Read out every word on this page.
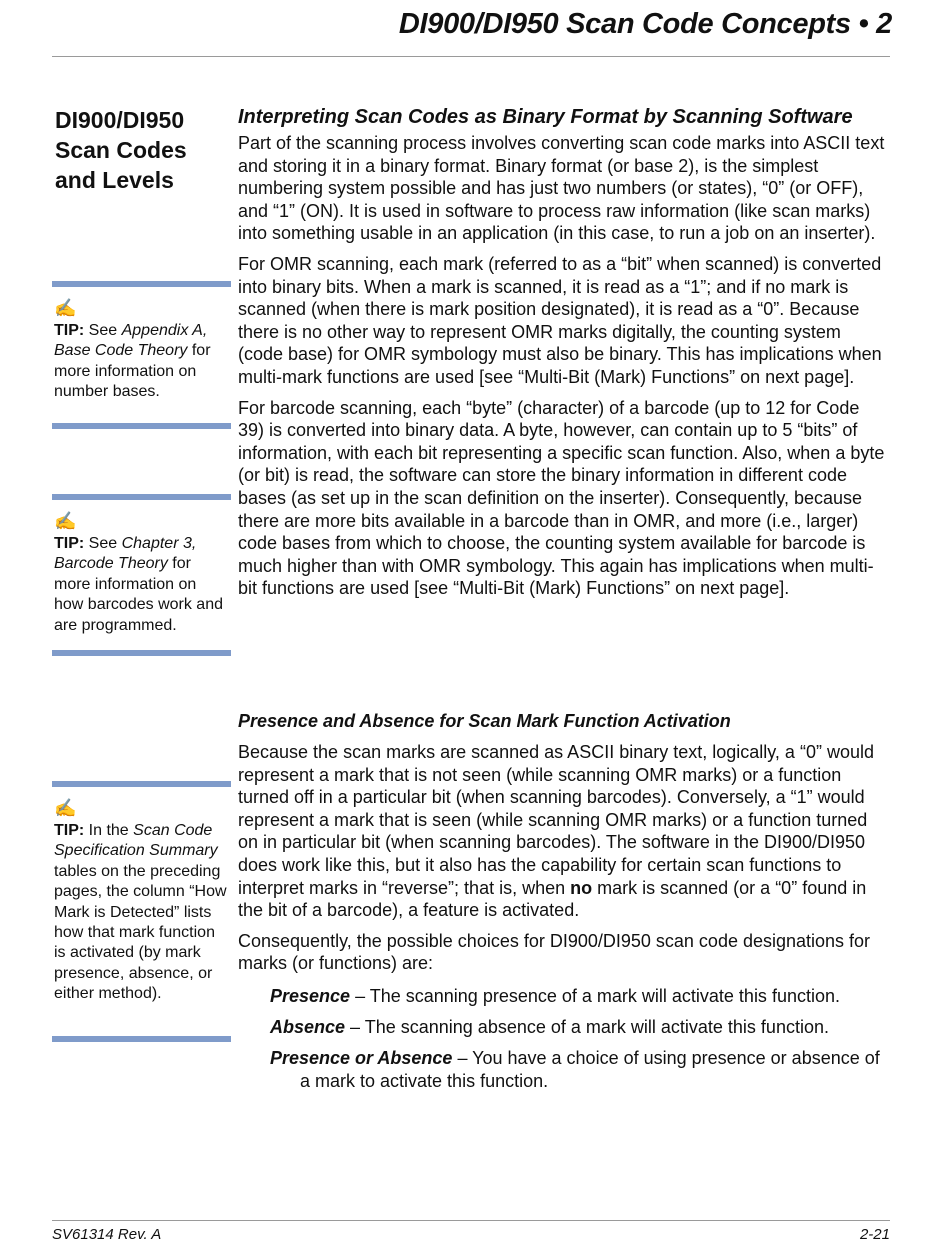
DI900/DI950 Scan Code Concepts • 2
DI900/DI950 Scan Codes and Levels
✍
TIP: See Appendix A, Base Code Theory for more information on number bases.
✍
TIP: See Chapter 3, Barcode Theory for more information on how barcodes work and are programmed.
✍
TIP: In the Scan Code Specification Summary tables on the preceding pages, the column “How Mark is Detected” lists how that mark function is activated (by mark presence, absence, or either method).
Interpreting Scan Codes as Binary Format by Scanning Software

Part of the scanning process involves converting scan code marks into ASCII text and storing it in a binary format. Binary format (or base 2), is the simplest numbering system possible and has just two numbers (or states), “0” (or OFF), and “1” (ON). It is used in software to process raw information (like scan marks) into something usable in an application (in this case, to run a job on an inserter).

For OMR scanning, each mark (referred to as a “bit” when scanned) is converted into binary bits. When a mark is scanned, it is read as a “1”; and if no mark is scanned (when there is mark position designated), it is read as a “0”. Because there is no other way to represent OMR marks digitally, the counting system (code base) for OMR symbology must also be binary. This has implications when multi-mark functions are used [see “Multi-Bit (Mark) Functions” on next page].

For barcode scanning, each “byte” (character) of a barcode (up to 12 for Code 39) is converted into binary data. A byte, however, can contain up to 5 “bits” of information, with each bit representing a specific scan function. Also, when a byte (or bit) is read, the software can store the binary information in different code bases (as set up in the scan definition on the inserter). Consequently, because there are more bits available in a barcode than in OMR, and more (i.e., larger) code bases from which to choose, the counting system available for barcode is much higher than with OMR symbology. This again has implications when multi-bit functions are used [see “Multi-Bit (Mark) Functions” on next page].

Presence and Absence for Scan Mark Function Activation

Because the scan marks are scanned as ASCII binary text, logically, a “0” would represent a mark that is not seen (while scanning OMR marks) or a function turned off in a particular bit (when scanning barcodes). Conversely, a “1” would represent a mark that is seen (while scanning OMR marks) or a function turned on in particular bit (when scanning barcodes). The software in the DI900/DI950 does work like this, but it also has the capability for certain scan functions to interpret marks in “reverse”; that is, when no mark is scanned (or a “0” found in the bit of a barcode), a feature is activated.

Consequently, the possible choices for DI900/DI950 scan code designations for marks (or functions) are:

Presence – The scanning presence of a mark will activate this function.
Absence – The scanning absence of a mark will activate this function.
Presence or Absence – You have a choice of using presence or absence of a mark to activate this function.
SV61314 Rev. A	2-21
